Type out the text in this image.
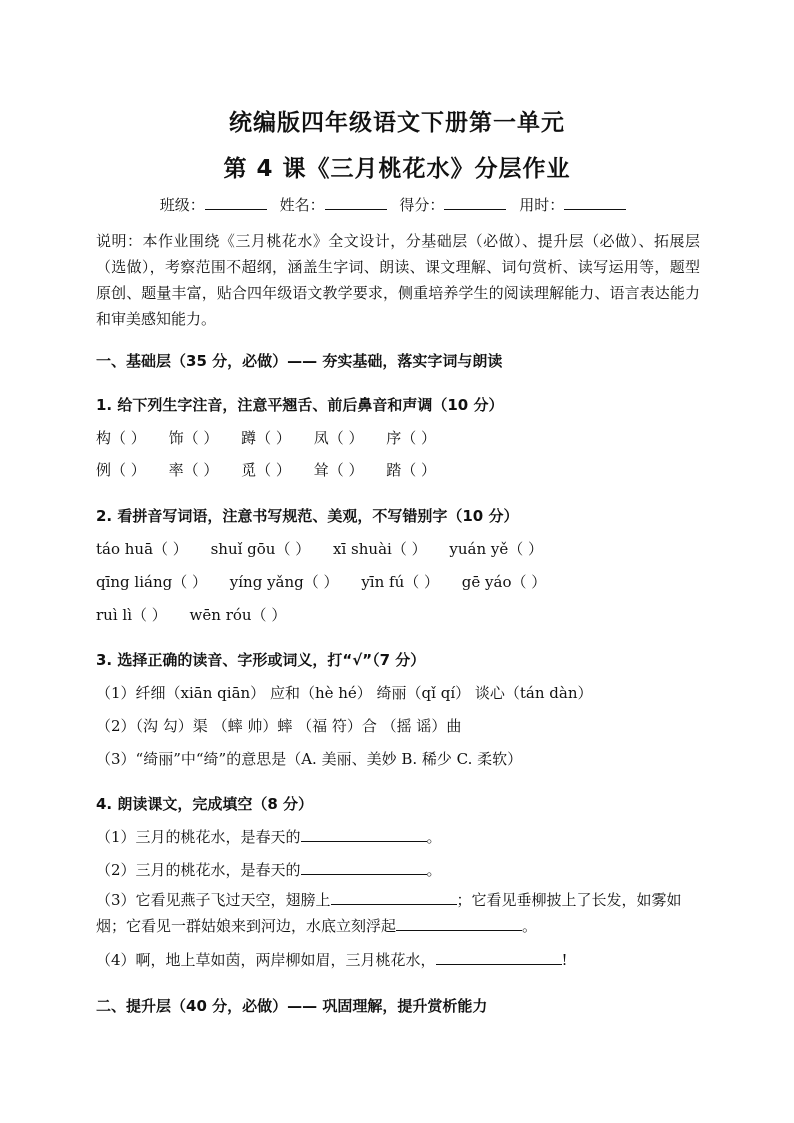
统编版四年级语文下册第一单元
第 4 课《三月桃花水》分层作业
班级：	姓名：	得分：	用时：
说明：本作业围绕《三月桃花水》全文设计，分基础层（必做）、提升层（必做）、拓展层（选做），考察范围不超纲，涵盖生字词、朗读、课文理解、词句赏析、读写运用等，题型原创、题量丰富，贴合四年级语文教学要求，侧重培养学生的阅读理解能力、语言表达能力和审美感知能力。
一、基础层（35 分，必做）—— 夯实基础，落实字词与朗读
1. 给下列生字注音，注意平翘舌、前后鼻音和声调（10 分）
构（ ） 饰（ ） 蹲（ ） 凤（ ） 序（ ）
例（ ） 率（ ） 觅（ ） 耸（ ） 踏（ ）
2. 看拼音写词语，注意书写规范、美观，不写错别字（10 分）
táo huā（ ） shuǐ gōu（ ） xī shuài（ ） yuán yě（ ）
qīng liáng（ ） yíng yǎng（ ） yīn fú（ ） gē yáo（ ）
ruì lì（ ） wēn róu（ ）
3. 选择正确的读音、字形或词义，打“√”（7 分）
（1）纤细（xiān qiān） 应和（hè hé） 绮丽（qǐ qí） 谈心（tán dàn）
（2）（沟 勾）渠 （蟀 帅）蟀 （福 符）合 （摇 谣）曲
（3）“绮丽”中“绮”的意思是（A. 美丽、美妙 B. 稀少 C. 柔软）
4. 朗读课文，完成填空（8 分）
（1）三月的桃花水，是春天的	。
（2）三月的桃花水，是春天的	。
（3）它看见燕子飞过天空，翅膀上	；它看见垂柳披上了长发，如雾如烟；它看见一群姑娘来到河边，水底立刻浮起	。
（4）啊，地上草如茵，两岸柳如眉，三月桃花水，	!
二、提升层（40 分，必做）—— 巩固理解，提升赏析能力
